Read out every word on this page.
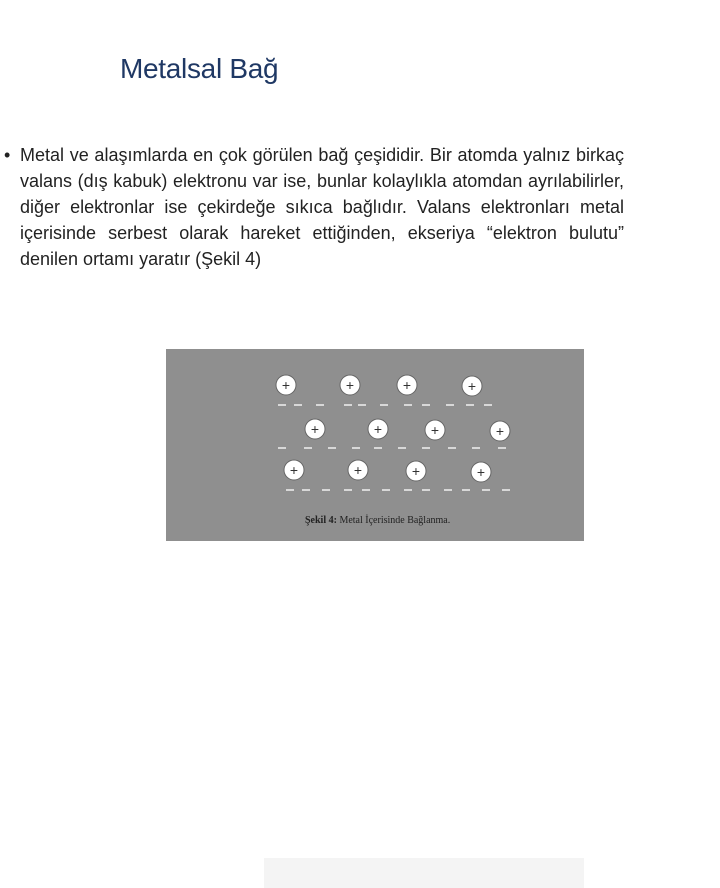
Metalsal Bağ
• Metal ve alaşımlarda en çok görülen bağ çeşididir. Bir atomda yalnız birkaç valans (dış kabuk) elektronu var ise, bunlar kolaylıkla atomdan ayrılabilirler, diğer elektronlar ise çekirdeğe sıkıca bağlıdır. Valans elektronları metal içerisinde serbest olarak hareket ettiğinden, ekseriya “elektron bulutu” denilen ortamı yaratır (Şekil 4)
+	+	+	+
+	+	+	+
+	+	+	+
Şekil 4: Metal İçerisinde Bağlanma.
